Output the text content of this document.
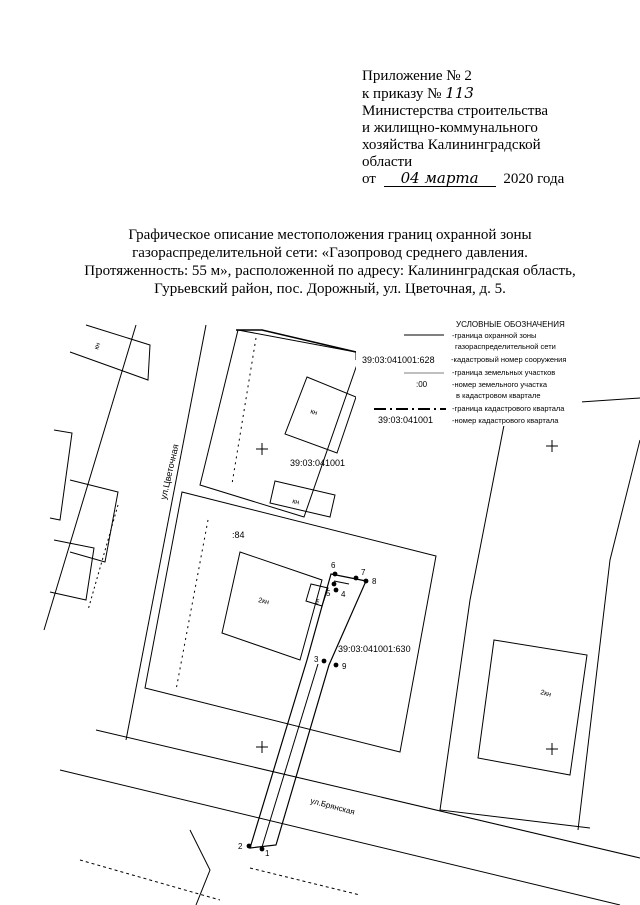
Приложение № 2
к приказу № 113
Министерства строительства
и жилищно-коммунального
хозяйства Калининградской
области
от 04 марта 2020 года
Графическое описание местоположения границ охранной зоны
газораспределительной сети: «Газопровод среднего давления.
Протяженность: 55 м», расположенной по адресу: Калининградская область,
Гурьевский район, пос. Дорожный, ул. Цветочная, д. 5.
1
2
3
4
5
6
7
8
9
39:03:041001
:84
39:03:041001:630
ул.Цветочная
ул.Брянская
кн
кн
кн
2кн	кн
2кн
УСЛОВНЫЕ ОБОЗНАЧЕНИЯ
-граница охранной зоны
газораспределительной сети
39:03:041001:628 -кадастровый номер сооружения
-граница земельных участков
:00	-номер земельного участка
в кадастровом квартале
-граница кадастрового квартала
39:03:041001	-номер кадастрового квартала
